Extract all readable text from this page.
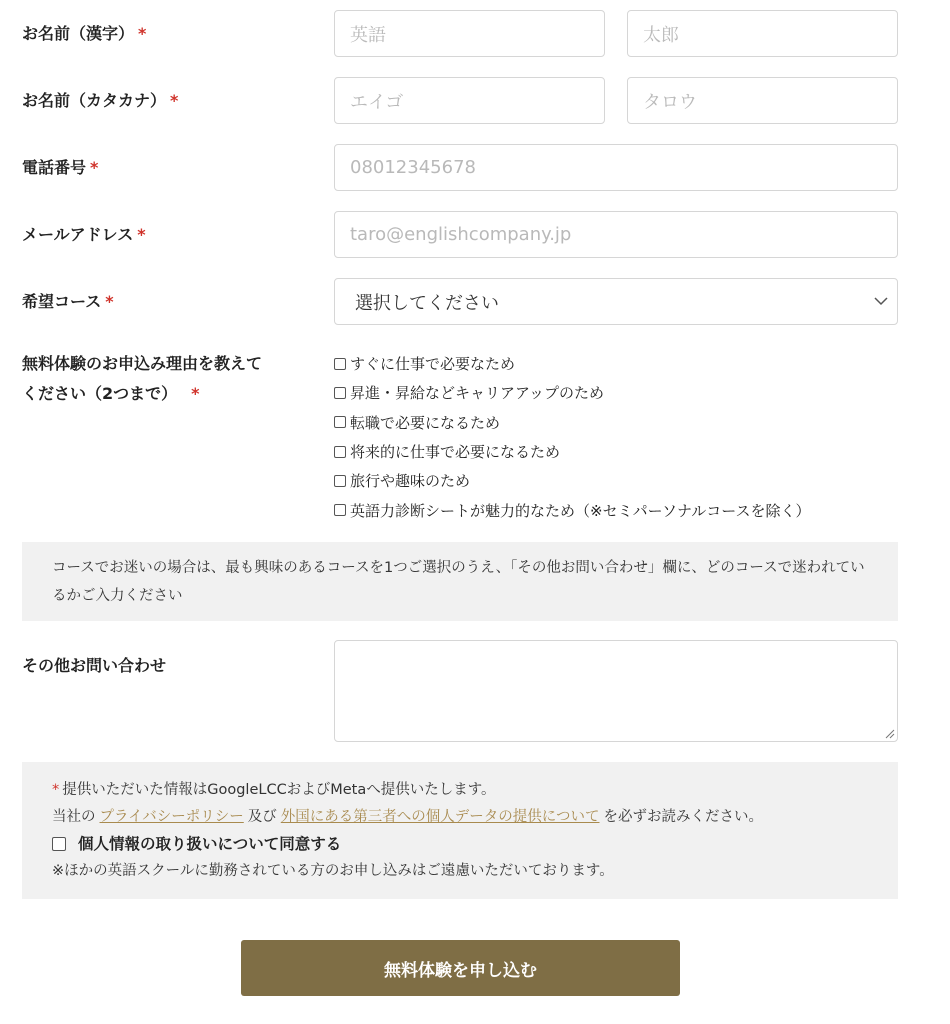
お名前（漢字） *	英語	太郎
お名前（カタカナ） *	エイゴ	タロウ
電話番号 *	08012345678
メールアドレス *	taro@englishcompany.jp
希望コース *	選択してください
無料体験のお申込み理由を教えて
ください（2つまで） *
すぐに仕事で必要なため
昇進・昇給などキャリアアップのため
転職で必要になるため
将来的に仕事で必要になるため
旅行や趣味のため
英語力診断シートが魅力的なため（※セミパーソナルコースを除く）
コースでお迷いの場合は、最も興味のあるコースを1つご選択のうえ、「その他お問い合わせ」欄に、どのコースで迷われているかご入力ください
その他お問い合わせ
* 提供いただいた情報はGoogleLCCおよびMetaへ提供いたします。
当社の プライバシーポリシー 及び 外国にある第三者への個人データの提供について を必ずお読みください。
個人情報の取り扱いについて同意する
※ほかの英語スクールに勤務されている方のお申し込みはご遠慮いただいております。
無料体験を申し込む
